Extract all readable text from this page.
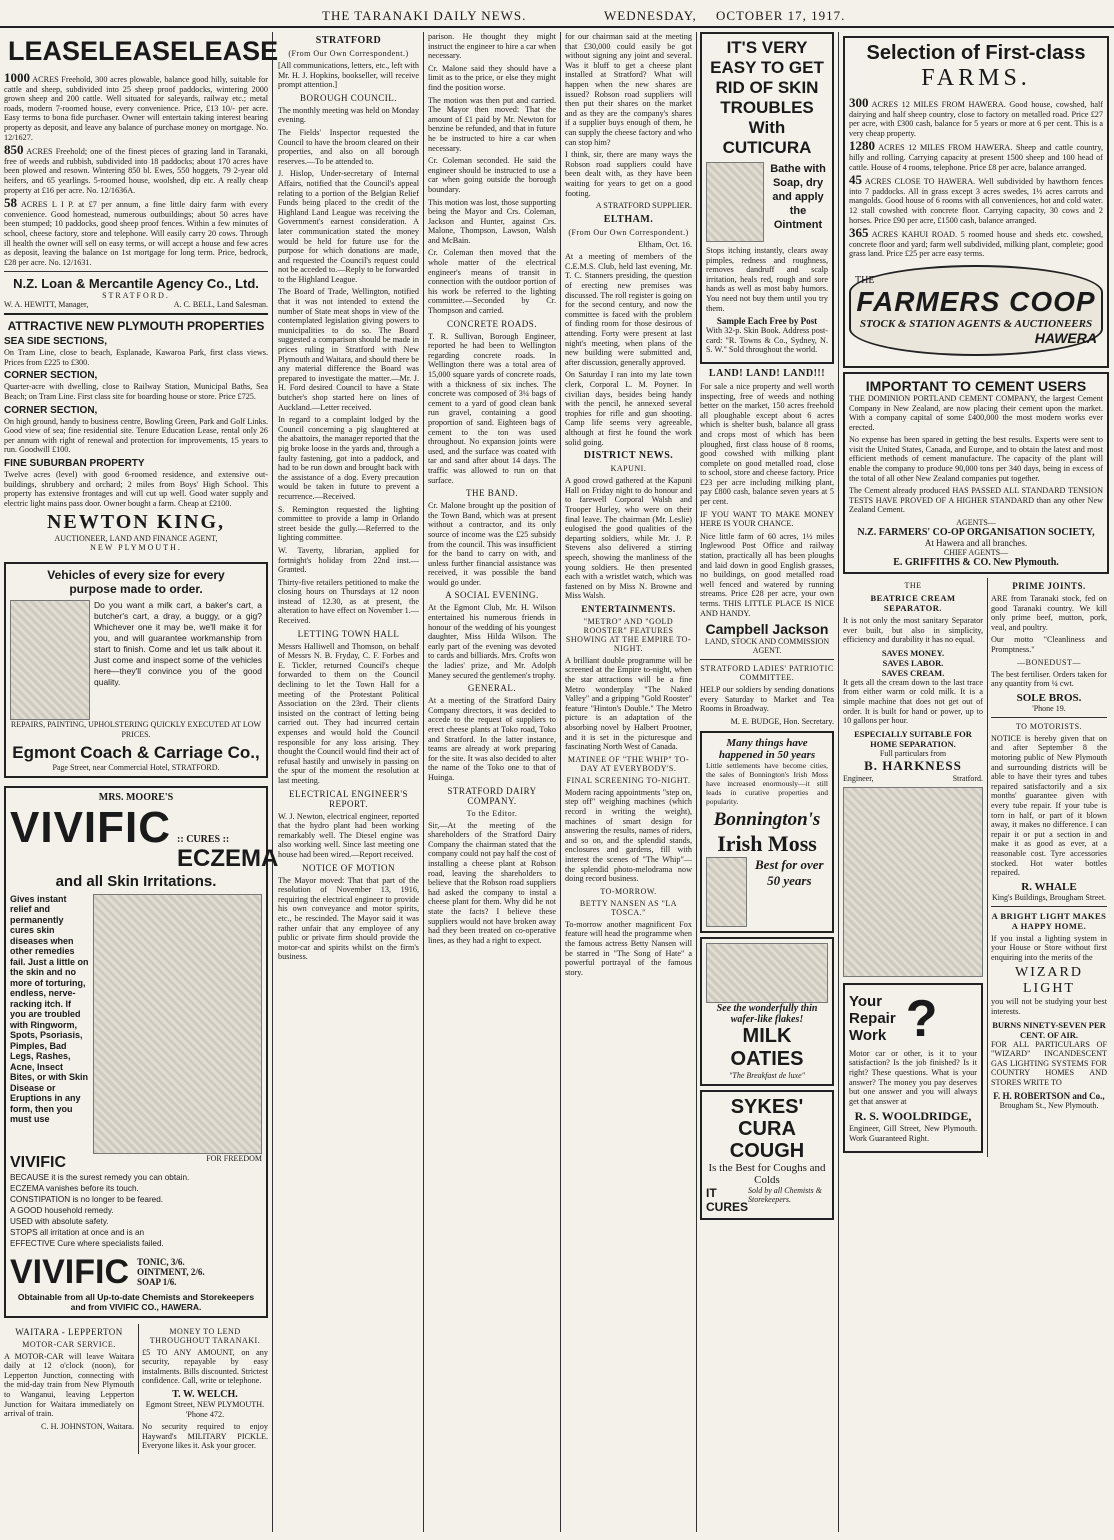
THE TARANAKI DAILY NEWS.	WEDNESDAY, OCTOBER 17, 1917.
LEASE LEASE LEASE

1000 ACRES Freehold, 300 acres plowable, balance good hilly, suitable for cattle and sheep, subdivided into 25 sheep proof paddocks, wintering 2000 grown sheep and 200 cattle. Well situated for saleyards, railway etc.; metal roads, modern 7-roomed house, every convenience. Price, £13 10/- per acre. Easy terms to bona fide purchaser. Owner will entertain taking interest bearing property as deposit, and leave any balance of purchase money on mortgage. No. 12/1627.

850 ACRES Freehold; one of the finest pieces of grazing land in Taranaki, free of weeds and rubbish, subdivided into 18 paddocks; about 170 acres have been plowed and resown. Wintering 850 bl. Ewes, 550 hoggets, 79 2-year old heifers, and 65 yearlings. 5-roomed house, woolshed, dip etc. A really cheap property at £16 per acre. No. 12/1636A.

58 ACRES L I P. at £7 per annum, a fine little dairy farm with every convenience. Good homestead, numerous outbuildings; about 50 acres have been stumped; 10 paddocks, good sheep proof fences. Within a few minutes of school, cheese factory, store and telephone. Will easily carry 20 cows. Through ill health the owner will sell on easy terms, or will accept a house and few acres as deposit, leaving the balance on 1st mortgage for long term. Price, bedrock, £28 per acre. No. 12/1631.

N.Z. Loan & Mercantile Agency Co., Ltd.
STRATFORD.
W. A. HEWITT, Manager,	A. C. BELL, Land Salesman.
ATTRACTIVE NEW PLYMOUTH PROPERTIES
SEA SIDE SECTIONS,

On Tram Line, close to beach, Esplanade, Kawaroa Park, first class views. Prices from £225 to £300.

CORNER SECTION,

Quarter-acre with dwelling, close to Railway Station, Municipal Baths, Sea Beach; on Tram Line. First class site for boarding house or store. Price £725.

CORNER SECTION,

On high ground, handy to business centre, Bowling Green, Park and Golf Links. Good view of sea; fine residential site. Tenure Education Lease, rental only 26 per annum with right of renewal and protection for improvements, 15 years to run. Goodwill £100.

FINE SUBURBAN PROPERTY

Twelve acres (level) with good 6-roomed residence, and extensive out-buildings, shrubbery and orchard; 2 miles from Boys' High School. This property has extensive frontages and will cut up well. Good water supply and electric light mains pass door. Owner bought a farm. Cheap at £2100.

NEWTON KING,
AUCTIONEER, LAND AND FINANCE AGENT,
NEW PLYMOUTH.
Vehicles of every size for every
purpose made to order.

Do you want a milk cart, a baker's cart, a butcher's cart, a dray, a buggy, or a gig? Whichever one it may be, we'll make it for you, and will guarantee workmanship from start to finish. Come and let us talk about it. Just come and inspect some of the vehicles here—they'll convince you of the good quality.

REPAIRS, PAINTING, UPHOLSTERING QUICKLY EXECUTED AT LOW PRICES.

Egmont Coach & Carriage Co.,
Page Street, near Commercial Hotel, STRATFORD.
MRS. MOORE'S
VIVIFIC :: CURES ::
ECZEMA
and all Skin Irritations.

Gives instant relief and permanently cures skin diseases when other remedies fail. Just a little on the skin and no more of torturing, endless, nerve-racking itch. If you are troubled with Ringworm, Spots, Psoriasis, Pimples, Bad Legs, Rashes, Acne, Insect Bites, or with Skin Disease or Eruptions in any form, then you must use

VIVIFIC	FOR FREEDOM
BECAUSE it is the surest remedy you can obtain.
ECZEMA vanishes before its touch.
CONSTIPATION is no longer to be feared.
A GOOD household remedy.
USED with absolute safety.
STOPS all irritation at once and is an
EFFECTIVE Cure where specialists failed.
VIVIFIC TONIC, 3/6.
OINTMENT, 2/6.
SOAP 1/6.
Obtainable from all Up-to-date Chemists and Storekeepers and from VIVIFIC CO., HAWERA.
WAITARA - LEPPERTON
MOTOR-CAR SERVICE.

A MOTOR-CAR will leave Waitara daily at 12 o'clock (noon), for Lepperton Junction, connecting with the mid-day train from New Plymouth to Wanganui, leaving Lepperton Junction for Waitara immediately on arrival of train.

C. H. JOHNSTON, Waitara.

MONEY TO LEND THROUGHOUT TARANAKI.

£5 TO ANY AMOUNT, on any security, repayable by easy instalments. Bills discounted. Strictest confidence. Call, write or telephone.

T. W. WELCH.

Egmont Street, NEW PLYMOUTH. 'Phone 472.

No security required to enjoy Hayward's MILITARY PICKLE. Everyone likes it. Ask your grocer.

STRATFORD
(From Our Own Correspondent.)

[All communications, letters, etc., left with Mr. H. J. Hopkins, bookseller, will receive prompt attention.]

BOROUGH COUNCIL.

The monthly meeting was held on Monday evening.

The Fields' Inspector requested the Council to have the broom cleared on their properties, and also on all borough reserves.—To be attended to.

J. Hislop, Under-secretary of Internal Affairs, notified that the Council's appeal relating to a portion of the Belgian Relief Funds being placed to the credit of the Highland Land League was receiving the Government's earnest consideration. A later communication stated the money would be held for future use for the purpose for which donations are made, and requested the Council's request could not be acceded to.—Reply to be forwarded to the Highland League.

The Board of Trade, Wellington, notified that it was not intended to extend the number of State meat shops in view of the contemplated legislation giving powers to municipalities to do so. The Board suggested a comparison should be made in prices ruling in Stratford with New Plymouth and Waitara, and should there be any material difference the Board was prepared to investigate the matter.—Mr. J. H. Ford desired Council to have a State butcher's shop started here on lines of Auckland.—Letter received.

In regard to a complaint lodged by the Council concerning a pig slaughtered at the abattoirs, the manager reported that the pig broke loose in the yards and, through a faulty fastening, got into a paddock, and had to be run down and brought back with the assistance of a dog. Every precaution would be taken in future to prevent a recurrence.—Received.

S. Remington requested the lighting committee to provide a lamp in Orlando street beside the gully.—Referred to the lighting committee.

W. Taverty, librarian, applied for fortnight's holiday from 22nd inst.—Granted.

Thirty-five retailers petitioned to make the closing hours on Thursdays at 12 noon instead of 12.30, as at present, the alteration to have effect on November 1.—Received.

LETTING TOWN HALL

Messrs Halliwell and Thomson, on behalf of Messrs N. B. Fryday, C. F. Forbes and E. Tickler, returned Council's cheque forwarded to them on the Council declining to let the Town Hall for a meeting of the Protestant Political Association on the 23rd. Their clients insisted on the contract of letting being carried out. They had incurred certain expenses and would hold the Council responsible for any loss arising. They thought the Council would find their act of refusal hastily and unwisely in passing on the spur of the moment the resolution at last meeting.

ELECTRICAL ENGINEER'S REPORT.

W. J. Newton, electrical engineer, reported that the hydro plant had been working remarkably well. The Diesel engine was also working well. Since last meeting one house had been wired.—Report received.

NOTICE OF MOTION

The Mayor moved: That that part of the resolution of November 13, 1916, requiring the electrical engineer to provide his own conveyance and motor spirits, etc., be rescinded. The Mayor said it was rather unfair that any employee of any public or private firm should provide the motor-car and spirits whilst on the firm's business.

parison. He thought they might instruct the engineer to hire a car when necessary.

Cr. Malone said they should have a limit as to the price, or else they might find the position worse.

The motion was then put and carried. The Mayor then moved: That the amount of £1 paid by Mr. Newton for benzine be refunded, and that in future he be instructed to hire a car when necessary.

Cr. Coleman seconded. He said the engineer should be instructed to use a car when going outside the borough boundary.

This motion was lost, those supporting being the Mayor and Crs. Coleman, Jackson and Hunter, against Crs. Malone, Thompson, Lawson, Walsh and McBain.

Cr. Coleman then moved that the whole matter of the electrical engineer's means of transit in connection with the outdoor portion of his work be referred to the lighting committee.—Seconded by Cr. Thompson and carried.

CONCRETE ROADS.

T. R. Sullivan, Borough Engineer, reported he had been to Wellington regarding concrete roads. In Wellington there was a total area of 15,000 square yards of concrete roads, with a thickness of six inches. The concrete was composed of 3¼ bags of cement to a yard of good clean bank run gravel, containing a good proportion of sand. Eighteen bags of cement to the ton was used throughout. No expansion joints were used, and the surface was coated with tar and sand after about 14 days. The traffic was allowed to run on that surface.

THE BAND.

Cr. Malone brought up the position of the Town Band, which was at present without a contractor, and its only source of income was the £25 subsidy from the council. This was insufficient for the band to carry on with, and unless further financial assistance was received, it was possible the band would go under.

A SOCIAL EVENING.

At the Egmont Club, Mr. H. Wilson entertained his numerous friends in honour of the wedding of his youngest daughter, Miss Hilda Wilson. The early part of the evening was devoted to cards and billiards. Mrs. Crofts won the ladies' prize, and Mr. Adolph Maney secured the gentlemen's trophy.

GENERAL.

At a meeting of the Stratford Dairy Company directors, it was decided to accede to the request of suppliers to erect cheese plants at Toko road, Toko and Stratford. In the latter instance, teams are already at work preparing for the site. It was also decided to alter the name of the Toko one to that of Huinga.

STRATFORD DAIRY COMPANY.
To the Editor.

Sir,—At the meeting of the shareholders of the Stratford Dairy Company the chairman stated that the company could not pay half the cost of installing a cheese plant at Robson road, leaving the shareholders to believe that the Robson road suppliers had asked the company to instal a cheese plant for them. Why did he not state the facts? I believe these suppliers would not have broken away had they been treated on co-operative lines, as they had a right to expect.

for our chairman said at the meeting that £30,000 could easily be got without signing any joint and several. Was it bluff to get a cheese plant installed at Stratford? What will happen when the new shares are issued? Robson road suppliers will then put their shares on the market and as they are the company's shares if a supplier buys enough of them, he can supply the cheese factory and who can stop him?

I think, sir, there are many ways the Robson road suppliers could have been dealt with, as they have been waiting for years to get on a good footing.

A STRATFORD SUPPLIER.

ELTHAM.
(From Our Own Correspondent.)

Eltham, Oct. 16.

At a meeting of members of the C.E.M.S. Club, held last evening, Mr. T. C. Stanners presiding, the question of erecting new premises was discussed. The roll register is going on for the second century, and now the committee is faced with the problem of finding room for those desirous of attending. Forty were present at last night's meeting, when plans of the new building were submitted and, after discussion, generally approved.

On Saturday I ran into my late town clerk, Corporal L. M. Poyner. In civilian days, besides being handy with the pencil, he annexed several trophies for rifle and gun shooting. Camp life seems very agreeable, although at first he found the work solid going.

DISTRICT NEWS.
KAPUNI.

A good crowd gathered at the Kapuni Hall on Friday night to do honour and to farewell Corporal Walsh and Trooper Hurley, who were on their final leave. The chairman (Mr. Leslie) eulogised the good qualities of the departing soldiers, while Mr. J. P. Stevens also delivered a stirring speech, showing the manliness of the young soldiers. He then presented each with a wristlet watch, which was fastened on by Miss N. Browne and Miss Walsh.

ENTERTAINMENTS.
"METRO" AND "GOLD ROOSTER" FEATURES SHOWING AT THE EMPIRE TO-NIGHT.

A brilliant double programme will be screened at the Empire to-night, when the star attractions will be a fine Metro wonderplay "The Naked Valley" and a gripping "Gold Rooster" feature "Hinton's Double." The Metro picture is an adaptation of the absorbing novel by Halbert Prootner, and it is set in the picturesque and fascinating North West of Canada.

MATINEE OF "THE WHIP" TO-DAY AT EVERYBODY'S.
FINAL SCREENING TO-NIGHT.

Modern racing appointments "step on, step off" weighing machines (which record in writing the weight), machines of smart design for answering the results, names of riders, and so on, and the splendid stands, enclosures and gardens, fill with interest the scenes of "The Whip"—the splendid photo-melodrama now doing record business.

TO-MORROW.
BETTY NANSEN AS "LA TOSCA."

To-morrow another magnificent Fox feature will head the programme when the famous actress Betty Nansen will be starred in "The Song of Hate" a powerful portrayal of the famous story.

IT'S VERY EASY TO GET RID OF SKIN TROUBLES With CUTICURA
Bathe with Soap, dry and apply the Ointment

Stops itching instantly, clears away pimples, redness and roughness, removes dandruff and scalp irritation, heals red, rough and sore hands as well as most baby humors. You need not buy them until you try them.

Sample Each Free by Post

With 32-p. Skin Book. Address post-card: "R. Towns & Co., Sydney, N. S. W." Sold throughout the world.

LAND! LAND! LAND!!!

For sale a nice property and well worth inspecting, free of weeds and nothing better on the market, 150 acres freehold all ploughable except about 6 acres which is shelter bush, balance all grass and crops most of which has been ploughed, first class house of 8 rooms, good cowshed with milking plant complete on good metalled road, close to school, store and cheese factory. Price £23 per acre including milking plant, pay £800 cash, balance seven years at 5 per cent.

IF YOU WANT TO MAKE MONEY HERE IS YOUR CHANCE.

Nice little farm of 60 acres, 1½ miles Inglewood Post Office and railway station, practically all has been ploughs and laid down in good English grasses, no buildings, on good metalled road well fenced and watered by running streams. Price £28 per acre, your own terms. THIS LITTLE PLACE IS NICE AND HANDY.

Campbell Jackson
LAND, STOCK AND COMMISSION AGENT.
STRATFORD LADIES' PATRIOTIC COMMITTEE.

HELP our soldiers by sending donations every Saturday to Market and Tea Rooms in Broadway.

M. E. BUDGE, Hon. Secretary.

Many things have happened in 50 years

Little settlements have become cities, the sales of Bonnington's Irish Moss have increased enormously—it still leads in curative properties and popularity.

Bonnington's
Irish Moss
Best for over 50 years
See the wonderfully thin wafer-like flakes!
MILK OATIES
"The Breakfast de luxe"
SYKES' CURA COUGH
Is the Best for Coughs and Colds
IT CURES
Sold by all Chemists & Storekeepers.
Selection of First-class
FARMS.

300 ACRES 12 MILES FROM HAWERA. Good house, cowshed, half dairying and half sheep country, close to factory on metalled road. Price £27 per acre, with £300 cash, balance for 5 years or more at 6 per cent. This is a very cheap property.

1280 ACRES 12 MILES FROM HAWERA. Sheep and cattle country, hilly and rolling. Carrying capacity at present 1500 sheep and 100 head of cattle. House of 4 rooms, telephone. Price £8 per acre, balance arranged.

45 ACRES CLOSE TO HAWERA. Well subdivided by hawthorn fences into 7 paddocks. All in grass except 3 acres swedes, 1½ acres carrots and mangolds. Good house of 6 rooms with all conveniences, hot and cold water. 12 stall cowshed with concrete floor. Carrying capacity, 30 cows and 2 horses. Price £90 per acre, £1500 cash, balance arranged.

365 ACRES KAHUI ROAD. 5 roomed house and sheds etc. cowshed, concrete floor and yard; farm well subdivided, milking plant, complete; good grass land. Price £25 per acre easy terms.

THE
FARMERS COOP
STOCK & STATION AGENTS & AUCTIONEERS
HAWERA
IMPORTANT TO CEMENT USERS

THE DOMINION PORTLAND CEMENT COMPANY, the largest Cement Company in New Zealand, are now placing their cement upon the market. With a company capital of some £400,000 the most modern works ever erected.

No expense has been spared in getting the best results. Experts were sent to visit the United States, Canada, and Europe, and to obtain the latest and most efficient methods of cement manufacture. The capacity of the plant will enable the company to produce 90,000 tons per 340 days, being in excess of the total of all other New Zealand companies put together.

The Cement already produced HAS PASSED ALL STANDARD TENSION TESTS HAVE PROVED OF A HIGHER STANDARD than any other New Zealand Cement.

AGENTS—
N.Z. FARMERS' CO-OP ORGANISATION SOCIETY,
At Hawera and all branches.
CHIEF AGENTS—
E. GRIFFITHS & CO. New Plymouth.
THE
BEATRICE CREAM SEPARATOR.

It is not only the most sanitary Separator ever built, but also in simplicity, efficiency and durability it has no equal.

SAVES MONEY.
SAVES LABOR.
SAVES CREAM.

It gets all the cream down to the last trace from either warm or cold milk. It is a simple machine that does not get out of order. It is built for hand or power, up to 10 gallons per hour.

ESPECIALLY SUITABLE FOR HOME SEPARATION.
Full particulars from
B. HARKNESS
Engineer,	Stratford.
Your
Repair
Work ?

Motor car or other, is it to your satisfaction? Is the job finished? Is it right? These questions. What is your answer? The money you pay deserves but one answer and you will always get that answer at

R. S. WOOLDRIDGE,

Engineer, Gill Street, New Plymouth. Work Guaranteed Right.

PRIME JOINTS.

ARE from Taranaki stock, fed on good Taranaki country. We kill only prime beef, mutton, pork, veal, and poultry.

Our motto "Cleanliness and Promptness."

—BONEDUST—

The best fertiliser. Orders taken for any quantity from ¼ cwt.

SOLE BROS.
'Phone 19.
TO MOTORISTS.

NOTICE is hereby given that on and after September 8 the motoring public of New Plymouth and surrounding districts will be able to have their tyres and tubes repaired satisfactorily and a six months' guarantee given with every tube repair. If your tube is torn in half, or part of it blown away, it makes no difference. I can repair it or put a section in and make it as good as ever, at a reasonable cost. Tyre accessories stocked. Hot water bottles repaired.

R. WHALE
King's Buildings, Brougham Street.
A BRIGHT LIGHT MAKES A HAPPY HOME.

If you instal a lighting system in your House or Store without first enquiring into the merits of the

WIZARD LIGHT

you will not be studying your best interests.

BURNS NINETY-SEVEN PER CENT. OF AIR.

FOR ALL PARTICULARS OF "WIZARD" INCANDESCENT GAS LIGHTING SYSTEMS FOR COUNTRY HOMES AND STORES WRITE TO

F. H. ROBERTSON and Co.,
Brougham St., New Plymouth.
